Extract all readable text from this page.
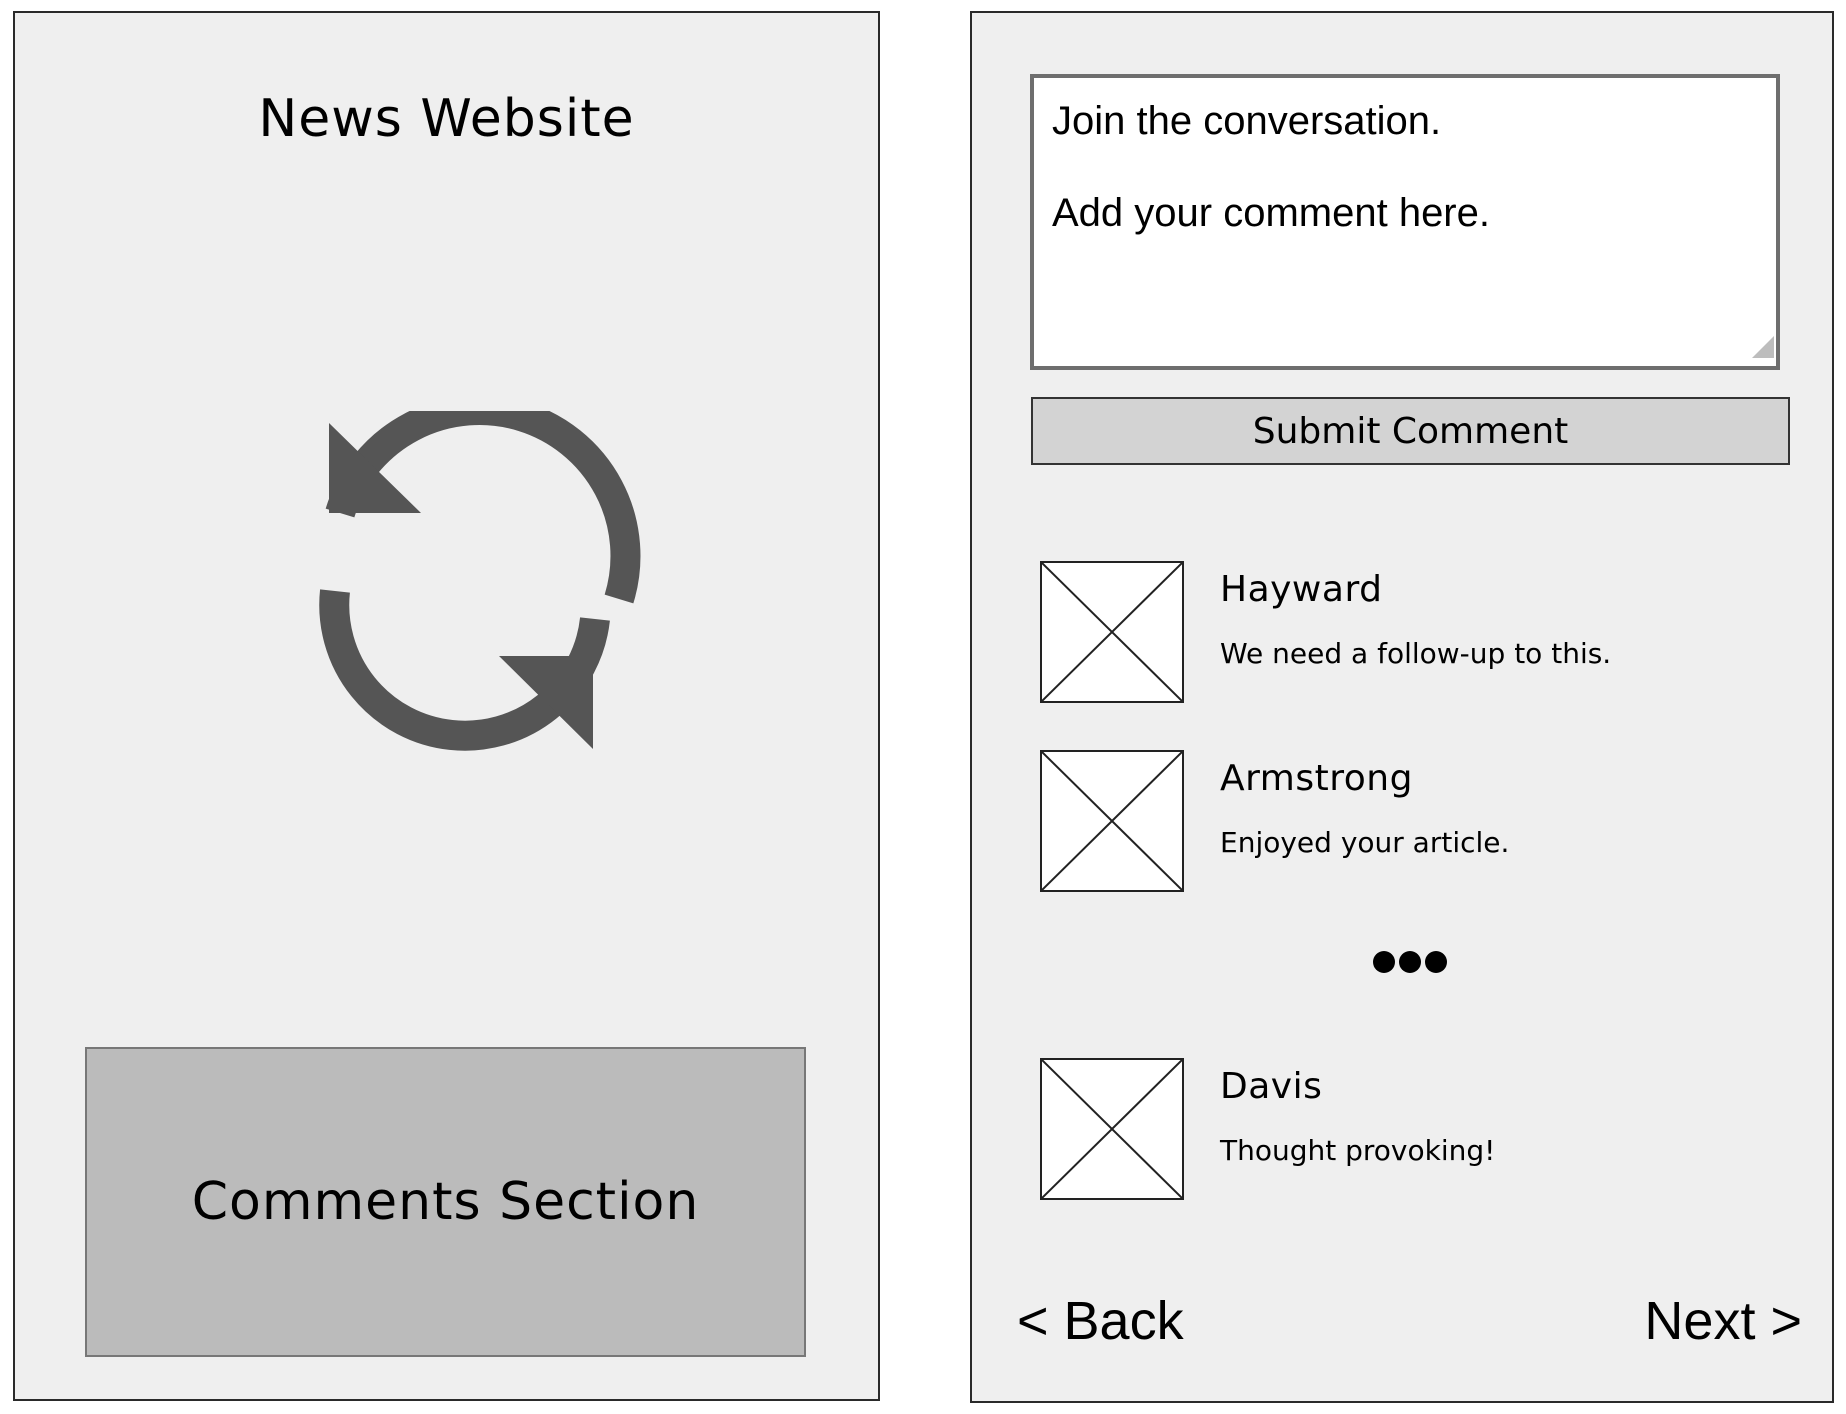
News Website
Comments Section
Join the conversation. Add your comment here.
Submit Comment
Hayward
We need a follow-up to this.
Armstrong
Enjoyed your article.
Davis
Thought provoking!
< Back	Next >
